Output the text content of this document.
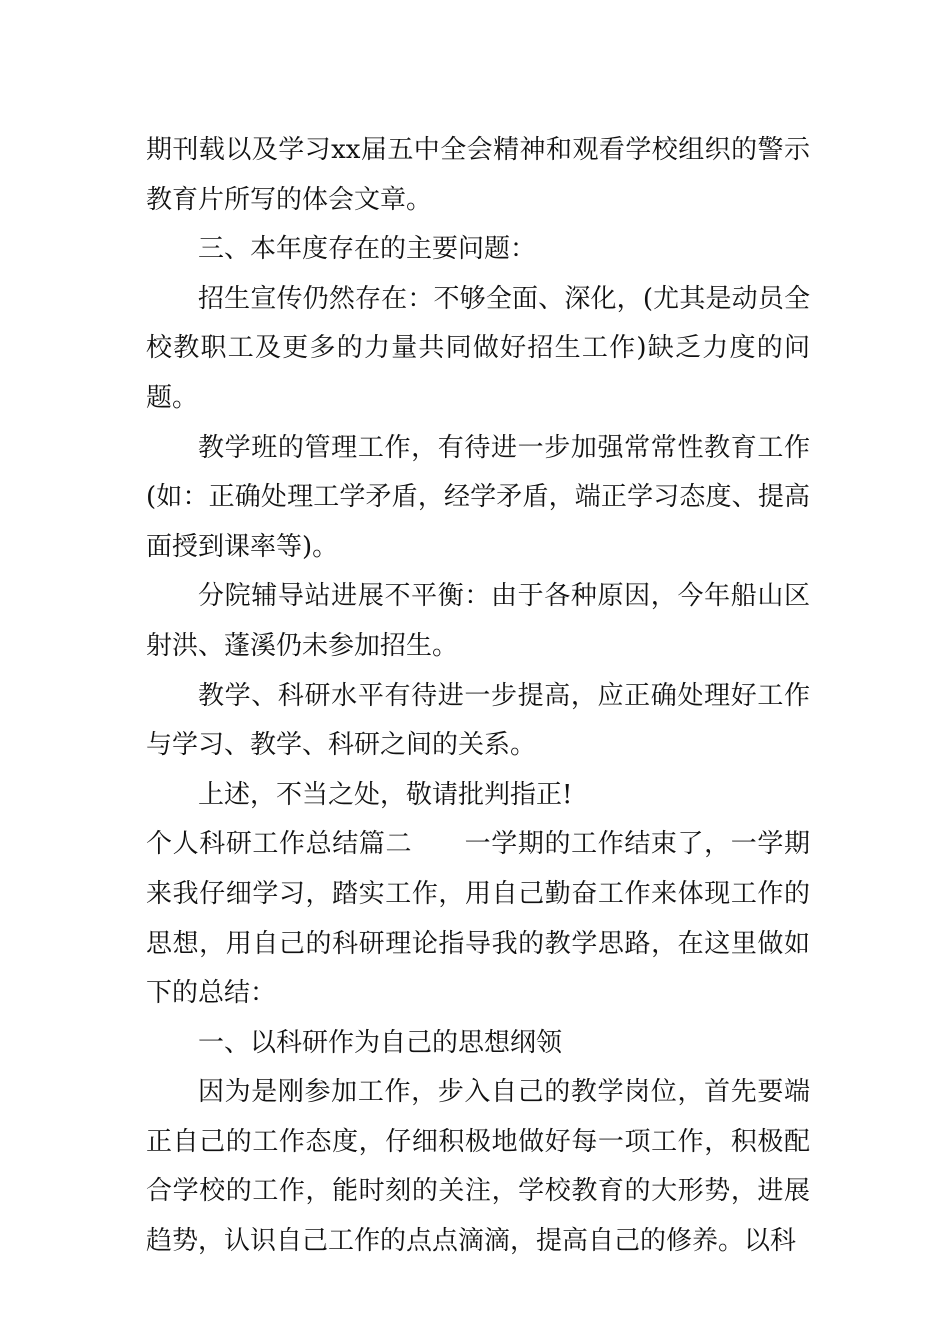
期刊载以及学习xx届五中全会精神和观看学校组织的警示教育片所写的体会文章。

三、本年度存在的主要问题：

招生宣传仍然存在：不够全面、深化，(尤其是动员全校教职工及更多的力量共同做好招生工作)缺乏力度的问题。

教学班的管理工作，有待进一步加强常常性教育工作(如：正确处理工学矛盾，经学矛盾，端正学习态度、提高面授到课率等)。

分院辅导站进展不平衡：由于各种原因，今年船山区射洪、蓬溪仍未参加招生。

教学、科研水平有待进一步提高，应正确处理好工作与学习、教学、科研之间的关系。

上述，不当之处，敬请批判指正!

个人科研工作总结篇二 一学期的工作结束了，一学期来我仔细学习，踏实工作，用自己勤奋工作来体现工作的思想，用自己的科研理论指导我的教学思路，在这里做如下的总结：

一、以科研作为自己的思想纲领

因为是刚参加工作，步入自己的教学岗位，首先要端正自己的工作态度，仔细积极地做好每一项工作，积极配合学校的工作，能时刻的关注，学校教育的大形势，进展趋势，认识自己工作的点点滴滴，提高自己的修养。以科
